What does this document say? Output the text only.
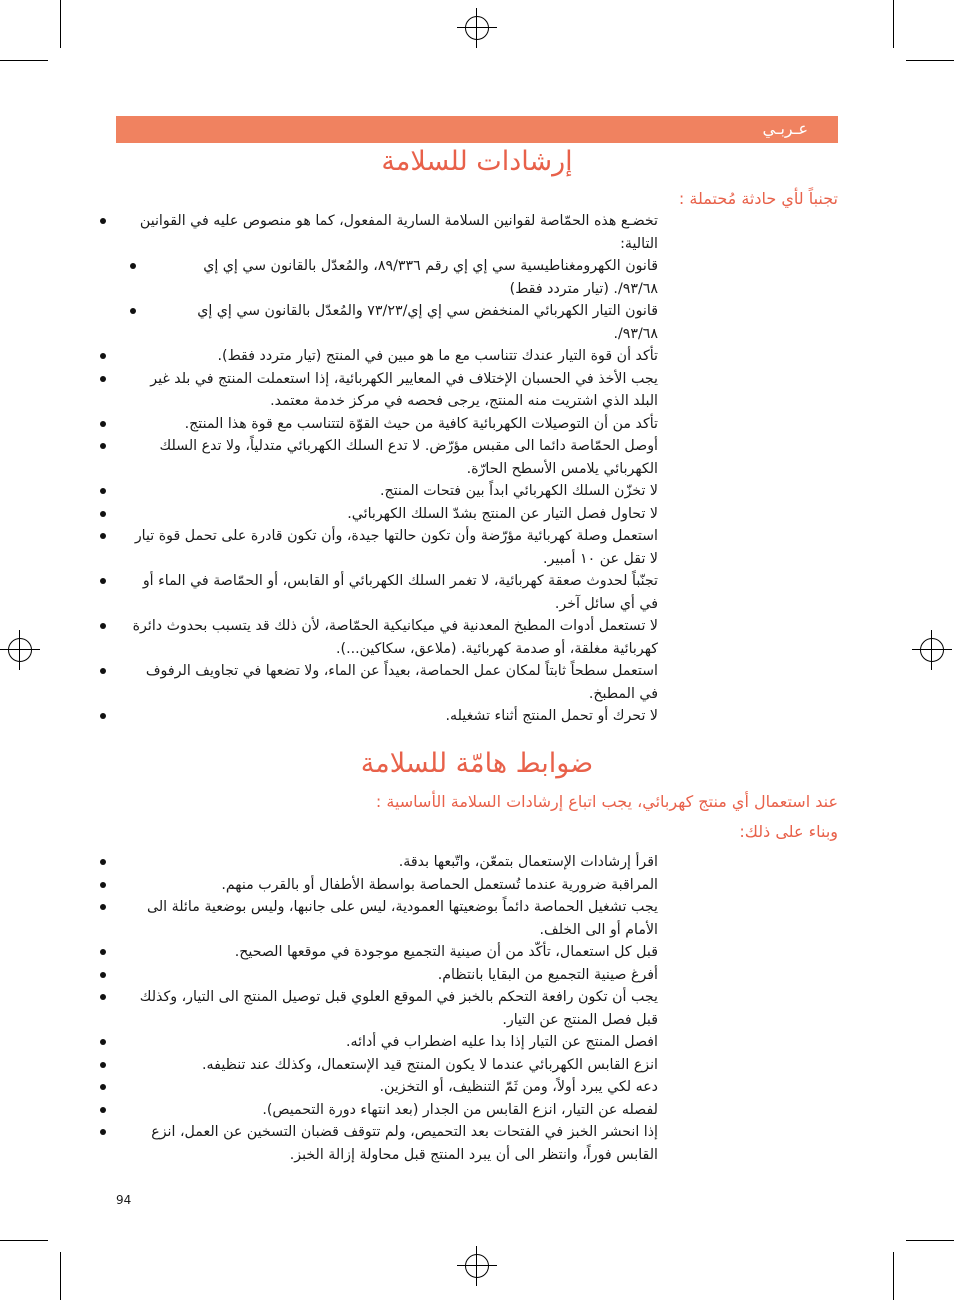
عـربـي
إرشادات للسلامة
تجنباً لأي حادثة مُحتملة :
تخضـع هذه الحمّاصة لقوانين السلامة السارية المفعول، كما هو منصوص عليه في القوانين التالية:
قانون الكهرومغناطيسية سي إي إي رقم ٨٩/٣٣٦، والمُعدّل بالقانون سي إي إي ٩٣/٦٨/. (تيار متردد فقط)
قانون التيار الكهربائي المنخفض سي إي إي/٧٣/٢٣ والمُعدّل بالقانون سي إي إي ٩٣/٦٨/.
تأكد أن قوة التيار عندك تتناسب مع ما هو مبين في المنتج (تيار متردد فقط).
يجب الأخذ في الحسبان الإختلاف في المعايير الكهربائية، إذا استعملت المنتج في بلد غير البلد الذي اشتريت منه المنتج، يرجى فحصه في مركز خدمة معتمد.
تأكد من أن التوصيلات الكهربائية كافية من حيث القوّة لتتناسب مع قوة هذا المنتج.
أوصل الحمّاصة دائما الى مقبس مؤرّض. لا تدع السلك الكهربائي متدلياً، ولا تدع السلك الكهربائي يلامس الأسطح الحارّة.
لا تخزّن السلك الكهربائي ابداً بين فتحات المنتج.
لا تحاول فصل التيار عن المنتج بشدّ السلك الكهربائي.
استعمل وصلة كهربائية مؤرّضة وأن تكون حالتها جيدة، وأن تكون قادرة على تحمل قوة تيار لا تقل عن ١٠ أمبير.
تجنّباً لحدوث صعقة كهربائية، لا تغمر السلك الكهربائي أو القابس، أو الحمّاصة في الماء أو في أي سائل آخر.
لا تستعمل أدوات المطبخ المعدنية في ميكانيكية الحمّاصة، لأن ذلك قد يتسبب بحدوث دائرة كهربائية مغلقة، أو صدمة كهربائية. (ملاعق، سكاكين...).
استعمل سطحاً ثابتاً لمكان عمل الحماصة، بعيداً عن الماء، ولا تضعها في تجاويف الرفوف في المطبخ.
لا تحرك أو تحمل المنتج أثناء تشغيله.
ضوابط هامّة للسلامة
عند استعمال أي منتج كهربائي، يجب اتباع إرشادات السلامة الأساسية :
وبناء على ذلك:
اقرأ إرشادات الإستعمال بتمعّن، واتّبعها بدقة.
المراقبة ضرورية عندما تُستعمل الحماصة بواسطة الأطفال أو بالقرب منهم.
يجب تشغيل الحماصة دائماً بوضعيتها العمودية، ليس على جانبها، وليس بوضعية مائلة الى الأمام أو الى الخلف.
قبل كل استعمال، تأكّد من أن صينية التجميع موجودة في موقعها الصحيح.
أفرغ صينية التجميع من البقايا بانتظام.
يجب أن تكون رافعة التحكم بالخبز في الموقع العلوي قبل توصيل المنتج الى التيار، وكذلك قبل فصل المنتج عن التيار.
افصل المنتج عن التيار إذا بدا عليه اضطراب في أدائه.
انزع القابس الكهربائي عندما لا يكون المنتج قيد الإستعمال، وكذلك عند تنظيفه.
دعه لكي يبرد أولاً، ومن ثَمّ التنظيف، أو التخزين.
لفصله عن التيار، انزع القابس من الجدار (بعد انتهاء دورة التحميص).
إذا انحشر الخبز في الفتحات بعد التحميص، ولم تتوقف قضبان التسخين عن العمل، انزع القابس فوراً، وانتظر الى أن يبرد المنتج قبل محاولة إزالة الخبز.
94
